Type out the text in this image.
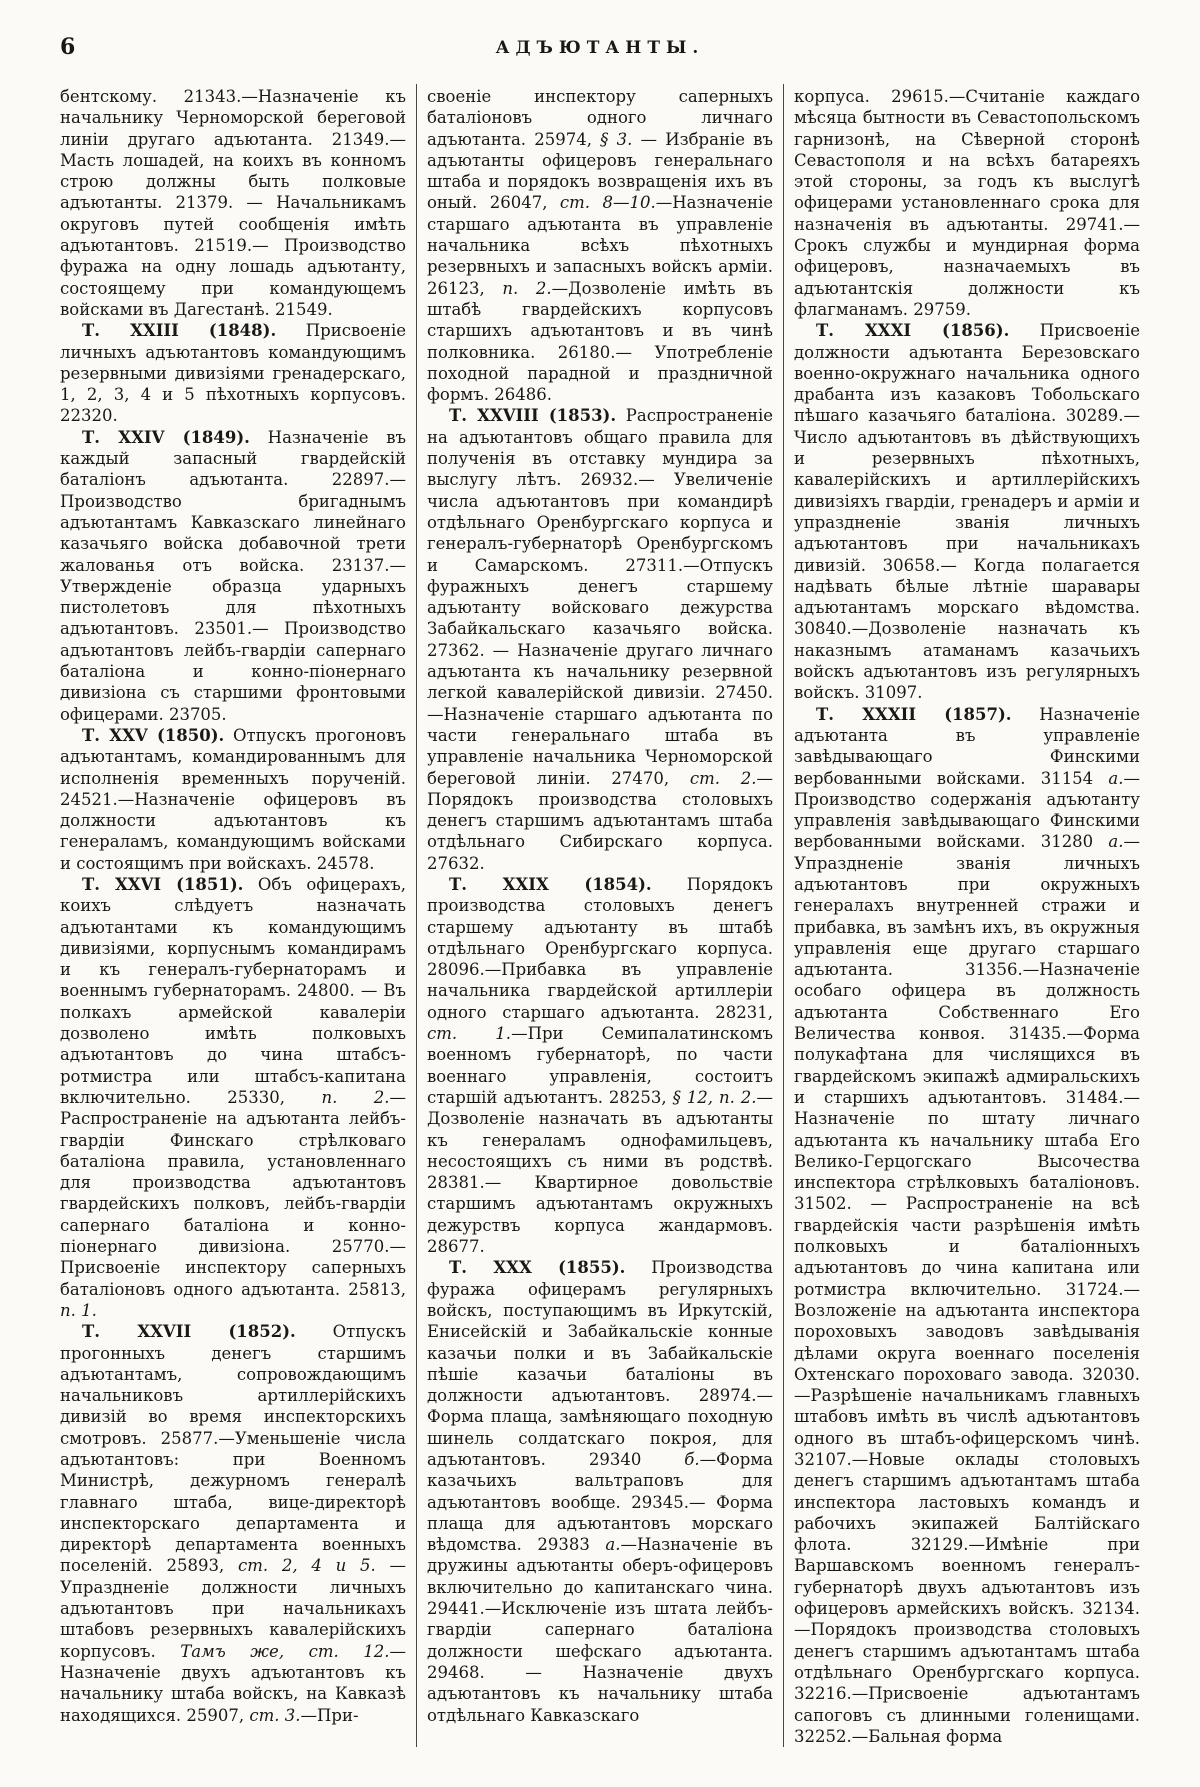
6	АДЪЮТАНТЫ.

бентскому. 21343.—Назначеніе къ начальнику Черноморской береговой линіи другаго адъютанта. 21349.—Масть лошадей, на коихъ въ конномъ строю должны быть полковые адъютанты. 21379. — Начальникамъ округовъ путей сообщенія имѣть адъютантовъ. 21519.— Производство фуража на одну лошадь адъютанту, состоящему при командующемъ войсками въ Дагестанѣ. 21549.

Т. XXIII (1848). Присвоеніе личныхъ адъютантовъ командующимъ резервными дивизіями гренадерскаго, 1, 2, 3, 4 и 5 пѣхотныхъ корпусовъ. 22320.

Т. XXIV (1849). Назначеніе въ каждый запасный гвардейскій баталіонъ адъютанта. 22897.—Производство бригаднымъ адъютантамъ Кавказскаго линейнаго казачьяго войска добавочной трети жалованья отъ войска. 23137.—Утвержденіе образца ударныхъ пистолетовъ для пѣхотныхъ адъютантовъ. 23501.— Производство адъютантовъ лейбъ-гвардіи сапернаго баталіона и конно-піонернаго дивизіона съ старшими фронтовыми офицерами. 23705.

Т. XXV (1850). Отпускъ прогоновъ адъютантамъ, командированнымъ для исполненія временныхъ порученій. 24521.—Назначеніе офицеровъ въ должности адъютантовъ къ генераламъ, командующимъ войсками и состоящимъ при войскахъ. 24578.

Т. XXVI (1851). Объ офицерахъ, коихъ слѣдуетъ назначать адъютантами къ командующимъ дивизіями, корпуснымъ командирамъ и къ генералъ-губернаторамъ и военнымъ губернаторамъ. 24800. — Въ полкахъ армейской кавалеріи дозволено имѣть полковыхъ адъютантовъ до чина штабсъ-ротмистра или штабсъ-капитана включительно. 25330, п. 2.—Распространеніе на адъютанта лейбъ-гвардіи Финскаго стрѣлковаго баталіона правила, установленнаго для производства адъютантовъ гвардейскихъ полковъ, лейбъ-гвардіи сапернаго баталіона и конно-піонернаго дивизіона. 25770.—Присвоеніе инспектору саперныхъ баталіоновъ одного адъютанта. 25813, п. 1.

Т. XXVII (1852). Отпускъ прогонныхъ денегъ старшимъ адъютантамъ, сопровождающимъ начальниковъ артиллерійскихъ дивизій во время инспекторскихъ смотровъ. 25877.—Уменьшеніе числа адъютантовъ: при Военномъ Министрѣ, дежурномъ генералѣ главнаго штаба, вице-директорѣ инспекторскаго департамента и директорѣ департамента военныхъ поселеній. 25893, ст. 2, 4 и 5. — Упраздненіе должности личныхъ адъютантовъ при начальникахъ штабовъ резервныхъ кавалерійскихъ корпусовъ. Тамъ же, ст. 12.—Назначеніе двухъ адъютантовъ къ начальнику штаба войскъ, на Кавказѣ находящихся. 25907, ст. 3.—При-

своеніе инспектору саперныхъ баталіоновъ одного личнаго адъютанта. 25974, § 3. — Избраніе въ адъютанты офицеровъ генеральнаго штаба и порядокъ возвращенія ихъ въ оный. 26047, ст. 8—10.—Назначеніе старшаго адъютанта въ управленіе начальника всѣхъ пѣхотныхъ резервныхъ и запасныхъ войскъ арміи. 26123, п. 2.—Дозволеніе имѣть въ штабѣ гвардейскихъ корпусовъ старшихъ адъютантовъ и въ чинѣ полковника. 26180.— Употребленіе походной парадной и праздничной формъ. 26486.

Т. XXVIII (1853). Распространеніе на адъютантовъ общаго правила для полученія въ отставку мундира за выслугу лѣтъ. 26932.— Увеличеніе числа адъютантовъ при командирѣ отдѣльнаго Оренбургскаго корпуса и генералъ-губернаторѣ Оренбургскомъ и Самарскомъ. 27311.—Отпускъ фуражныхъ денегъ старшему адъютанту войсковаго дежурства Забайкальскаго казачьяго войска. 27362. — Назначеніе другаго личнаго адъютанта къ начальнику резервной легкой кавалерійской дивизіи. 27450.—Назначеніе старшаго адъютанта по части генеральнаго штаба въ управленіе начальника Черноморской береговой линіи. 27470, ст. 2.—Порядокъ производства столовыхъ денегъ старшимъ адъютантамъ штаба отдѣльнаго Сибирскаго корпуса. 27632.

Т. XXIX (1854). Порядокъ производства столовыхъ денегъ старшему адъютанту въ штабѣ отдѣльнаго Оренбургскаго корпуса. 28096.—Прибавка въ управленіе начальника гвардейской артиллеріи одного старшаго адъютанта. 28231, ст. 1.—При Семипалатинскомъ военномъ губернаторѣ, по части военнаго управленія, состоитъ старшій адъютантъ. 28253, § 12, п. 2.—Дозволеніе назначать въ адъютанты къ генераламъ однофамильцевъ, несостоящихъ съ ними въ родствѣ. 28381.— Квартирное довольствіе старшимъ адъютантамъ окружныхъ дежурствъ корпуса жандармовъ. 28677.

Т. XXX (1855). Производства фуража офицерамъ регулярныхъ войскъ, поступающимъ въ Иркутскій, Енисейскій и Забайкальскіе конные казачьи полки и въ Забайкальскіе пѣшіе казачьи баталіоны въ должности адъютантовъ. 28974.—Форма плаща, замѣняющаго походную шинель солдатскаго покроя, для адъютантовъ. 29340 б.—Форма казачьихъ вальтраповъ для адъютантовъ вообще. 29345.— Форма плаща для адъютантовъ морскаго вѣдомства. 29383 а.—Назначеніе въ дружины адъютанты оберъ-офицеровъ включительно до капитанскаго чина. 29441.—Исключеніе изъ штата лейбъ-гвардіи сапернаго баталіона должности шефскаго адъютанта. 29468. — Назначеніе двухъ адъютантовъ къ начальнику штаба отдѣльнаго Кавказскаго

корпуса. 29615.—Считаніе каждаго мѣсяца бытности въ Севастопольскомъ гарнизонѣ, на Сѣверной сторонѣ Севастополя и на всѣхъ батареяхъ этой стороны, за годъ къ выслугѣ офицерами установленнаго срока для назначенія въ адъютанты. 29741.—Срокъ службы и мундирная форма офицеровъ, назначаемыхъ въ адъютантскія должности къ флагманамъ. 29759.

Т. XXXI (1856). Присвоеніе должности адъютанта Березовскаго военно-окружнаго начальника одного драбанта изъ казаковъ Тобольскаго пѣшаго казачьяго баталіона. 30289.—Число адъютантовъ въ дѣйствующихъ и резервныхъ пѣхотныхъ, кавалерійскихъ и артиллерійскихъ дивизіяхъ гвардіи, гренадеръ и арміи и упраздненіе званія личныхъ адъютантовъ при начальникахъ дивизій. 30658.— Когда полагается надѣвать бѣлые лѣтніе шаравары адъютантамъ морскаго вѣдомства. 30840.—Дозволеніе назначать къ наказнымъ атаманамъ казачьихъ войскъ адъютантовъ изъ регулярныхъ войскъ. 31097.

Т. XXXII (1857). Назначеніе адъютанта въ управленіе завѣдывающаго Финскими вербованными войсками. 31154 а.—Производство содержанія адъютанту управленія завѣдывающаго Финскими вербованными войсками. 31280 а.—Упраздненіе званія личныхъ адъютантовъ при окружныхъ генералахъ внутренней стражи и прибавка, въ замѣнъ ихъ, въ окружныя управленія еще другаго старшаго адъютанта. 31356.—Назначеніе особаго офицера въ должность адъютанта Собственнаго Его Величества конвоя. 31435.—Форма полукафтана для числящихся въ гвардейскомъ экипажѣ адмиральскихъ и старшихъ адъютантовъ. 31484.—Назначеніе по штату личнаго адъютанта къ начальнику штаба Его Велико-Герцогскаго Высочества инспектора стрѣлковыхъ баталіоновъ. 31502. — Распространеніе на всѣ гвардейскія части разрѣшенія имѣть полковыхъ и баталіонныхъ адъютантовъ до чина капитана или ротмистра включительно. 31724.—Возложеніе на адъютанта инспектора пороховыхъ заводовъ завѣдыванія дѣлами округа военнаго поселенія Охтенскаго пороховаго завода. 32030.—Разрѣшеніе начальникамъ главныхъ штабовъ имѣть въ числѣ адъютантовъ одного въ штабъ-офицерскомъ чинѣ. 32107.—Новые оклады столовыхъ денегъ старшимъ адъютантамъ штаба инспектора ластовыхъ командъ и рабочихъ экипажей Балтійскаго флота. 32129.—Имѣніе при Варшавскомъ военномъ генералъ-губернаторѣ двухъ адъютантовъ изъ офицеровъ армейскихъ войскъ. 32134.—Порядокъ производства столовыхъ денегъ старшимъ адъютантамъ штаба отдѣльнаго Оренбургскаго корпуса. 32216.—Присвоеніе адъютантамъ сапоговъ съ длинными голенищами. 32252.—Бальная форма
